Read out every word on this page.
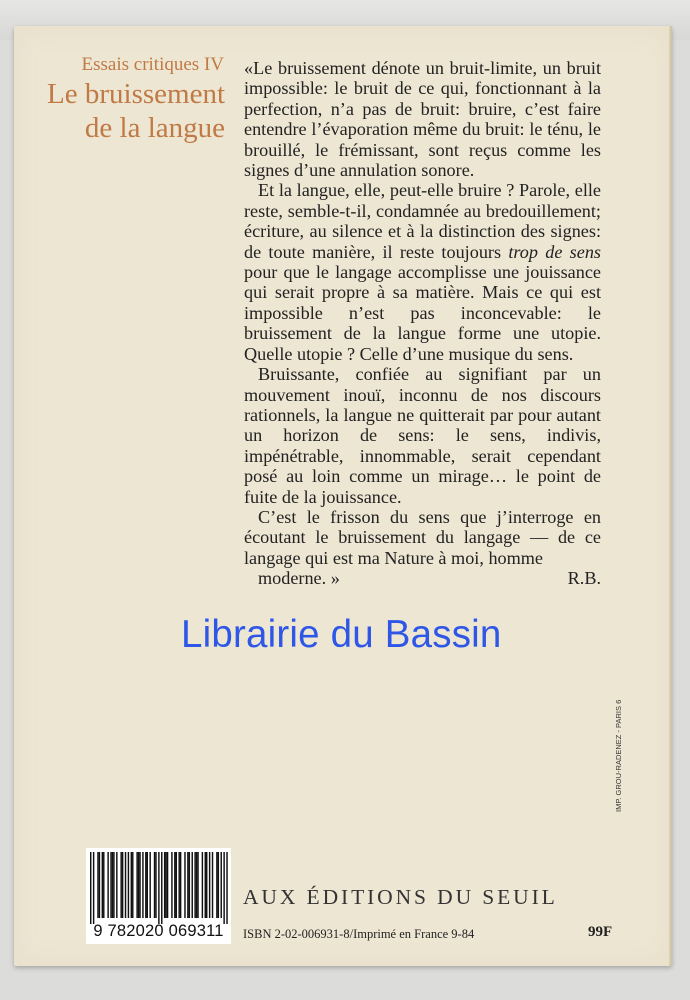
Essais critiques IV
Le bruissement
de la langue

«Le bruissement dénote un bruit-limite, un bruit impossible: le bruit de ce qui, fonctionnant à la perfection, n’a pas de bruit: bruire, c’est faire entendre l’évaporation même du bruit: le ténu, le brouillé, le frémissant, sont reçus comme les signes d’une annulation sonore.

Et la langue, elle, peut-elle bruire ? Parole, elle reste, semble-t-il, condamnée au bredouillement; écriture, au silence et à la distinction des signes: de toute manière, il reste toujours trop de sens pour que le langage accomplisse une jouissance qui serait propre à sa matière. Mais ce qui est impossible n’est pas inconcevable: le bruissement de la langue forme une utopie. Quelle utopie ? Celle d’une musique du sens.

Bruissante, confiée au signifiant par un mouvement inouï, inconnu de nos discours rationnels, la langue ne quitterait par pour autant un horizon de sens: le sens, indivis, impénétrable, innommable, serait cependant posé au loin comme un mirage… le point de fuite de la jouissance.

C’est le frisson du sens que j’interroge en écoutant le bruissement du langage — de ce langage qui est ma Nature à moi, homme

moderne. »	R.B.

Librairie du Bassin
9 782020 069311
AUX ÉDITIONS DU SEUIL
ISBN 2-02-006931-8/Imprimé en France 9-84	99F
IMP. GROU-RADENEZ - PARIS 6
